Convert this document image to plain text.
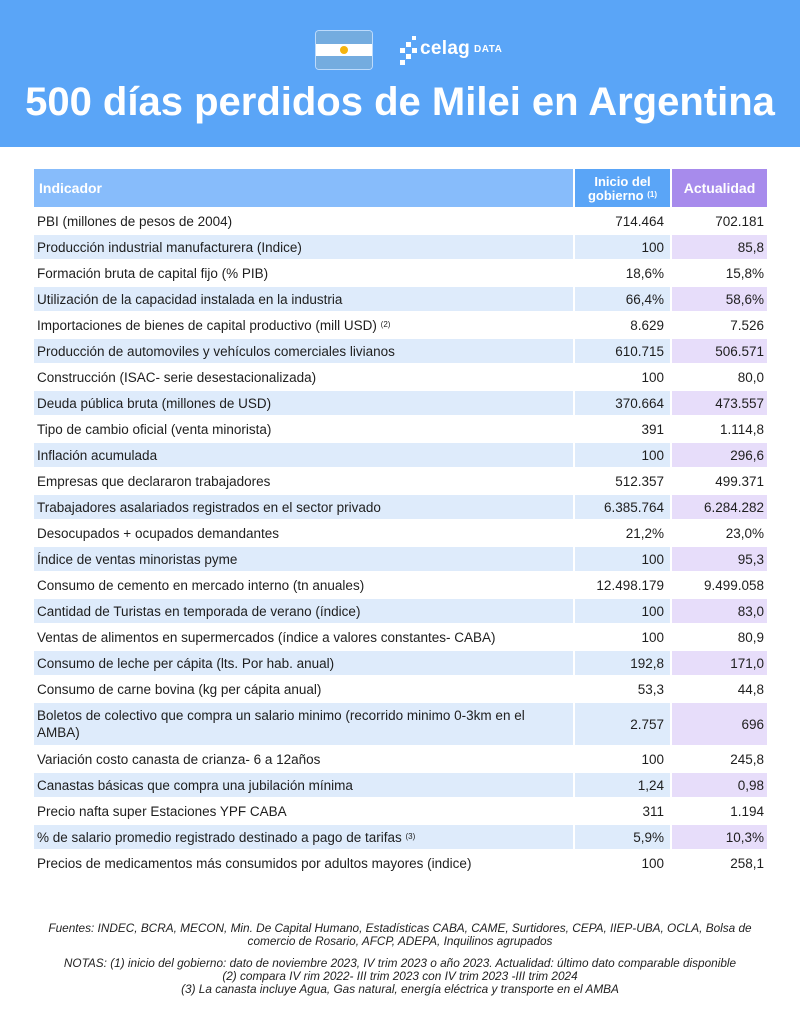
celag DATA
500 días perdidos de Milei en Argentina
Indicador	Inicio del gobierno $^{(1)}$	Actualidad
PBI (millones de pesos de 2004)	714.464	702.181
Producción industrial manufacturera (Indice)	100	85,8
Formación bruta de capital fijo (% PIB)	18,6%	15,8%
Utilización de la capacidad instalada en la industria	66,4%	58,6%
Importaciones de bienes de capital productivo (mill USD) $^{(2)}$	8.629	7.526
Producción de automoviles y vehículos comerciales livianos	610.715	506.571
Construcción (ISAC- serie desestacionalizada)	100	80,0
Deuda pública bruta (millones de USD)	370.664	473.557
Tipo de cambio oficial (venta minorista)	391	1.114,8
Inflación acumulada	100	296,6
Empresas que declararon trabajadores	512.357	499.371
Trabajadores asalariados registrados en el sector privado	6.385.764	6.284.282
Desocupados + ocupados demandantes	21,2%	23,0%
Índice de ventas minoristas pyme	100	95,3
Consumo de cemento en mercado interno (tn anuales)	12.498.179	9.499.058
Cantidad de Turistas en temporada de verano (índice)	100	83,0
Ventas de alimentos en supermercados (índice a valores constantes- CABA)	100	80,9
Consumo de leche per cápita (lts. Por hab. anual)	192,8	171,0
Consumo de carne bovina (kg per cápita anual)	53,3	44,8
Boletos de colectivo que compra un salario minimo (recorrido minimo 0-3km en el AMBA)	2.757	696
Variación costo canasta de crianza- 6 a 12años	100	245,8
Canastas básicas que compra una jubilación mínima	1,24	0,98
Precio nafta super Estaciones YPF CABA	311	1.194
% de salario promedio registrado destinado a pago de tarifas $^{(3)}$	5,9%	10,3%
Precios de medicamentos más consumidos por adultos mayores (indice)	100	258,1

Fuentes: INDEC, BCRA, MECON, Min. De Capital Humano, Estadísticas CABA, CAME, Surtidores, CEPA, IIEP-UBA, OCLA, Bolsa de comercio de Rosario, AFCP, ADEPA, Inquilinos agrupados

NOTAS: (1) inicio del gobierno: dato de noviembre 2023, IV trim 2023 o año 2023. Actualidad: último dato comparable disponible
(2) compara IV rim 2022- III trim 2023 con IV trim 2023 -III trim 2024
(3) La canasta incluye Agua, Gas natural, energía eléctrica y transporte en el AMBA
